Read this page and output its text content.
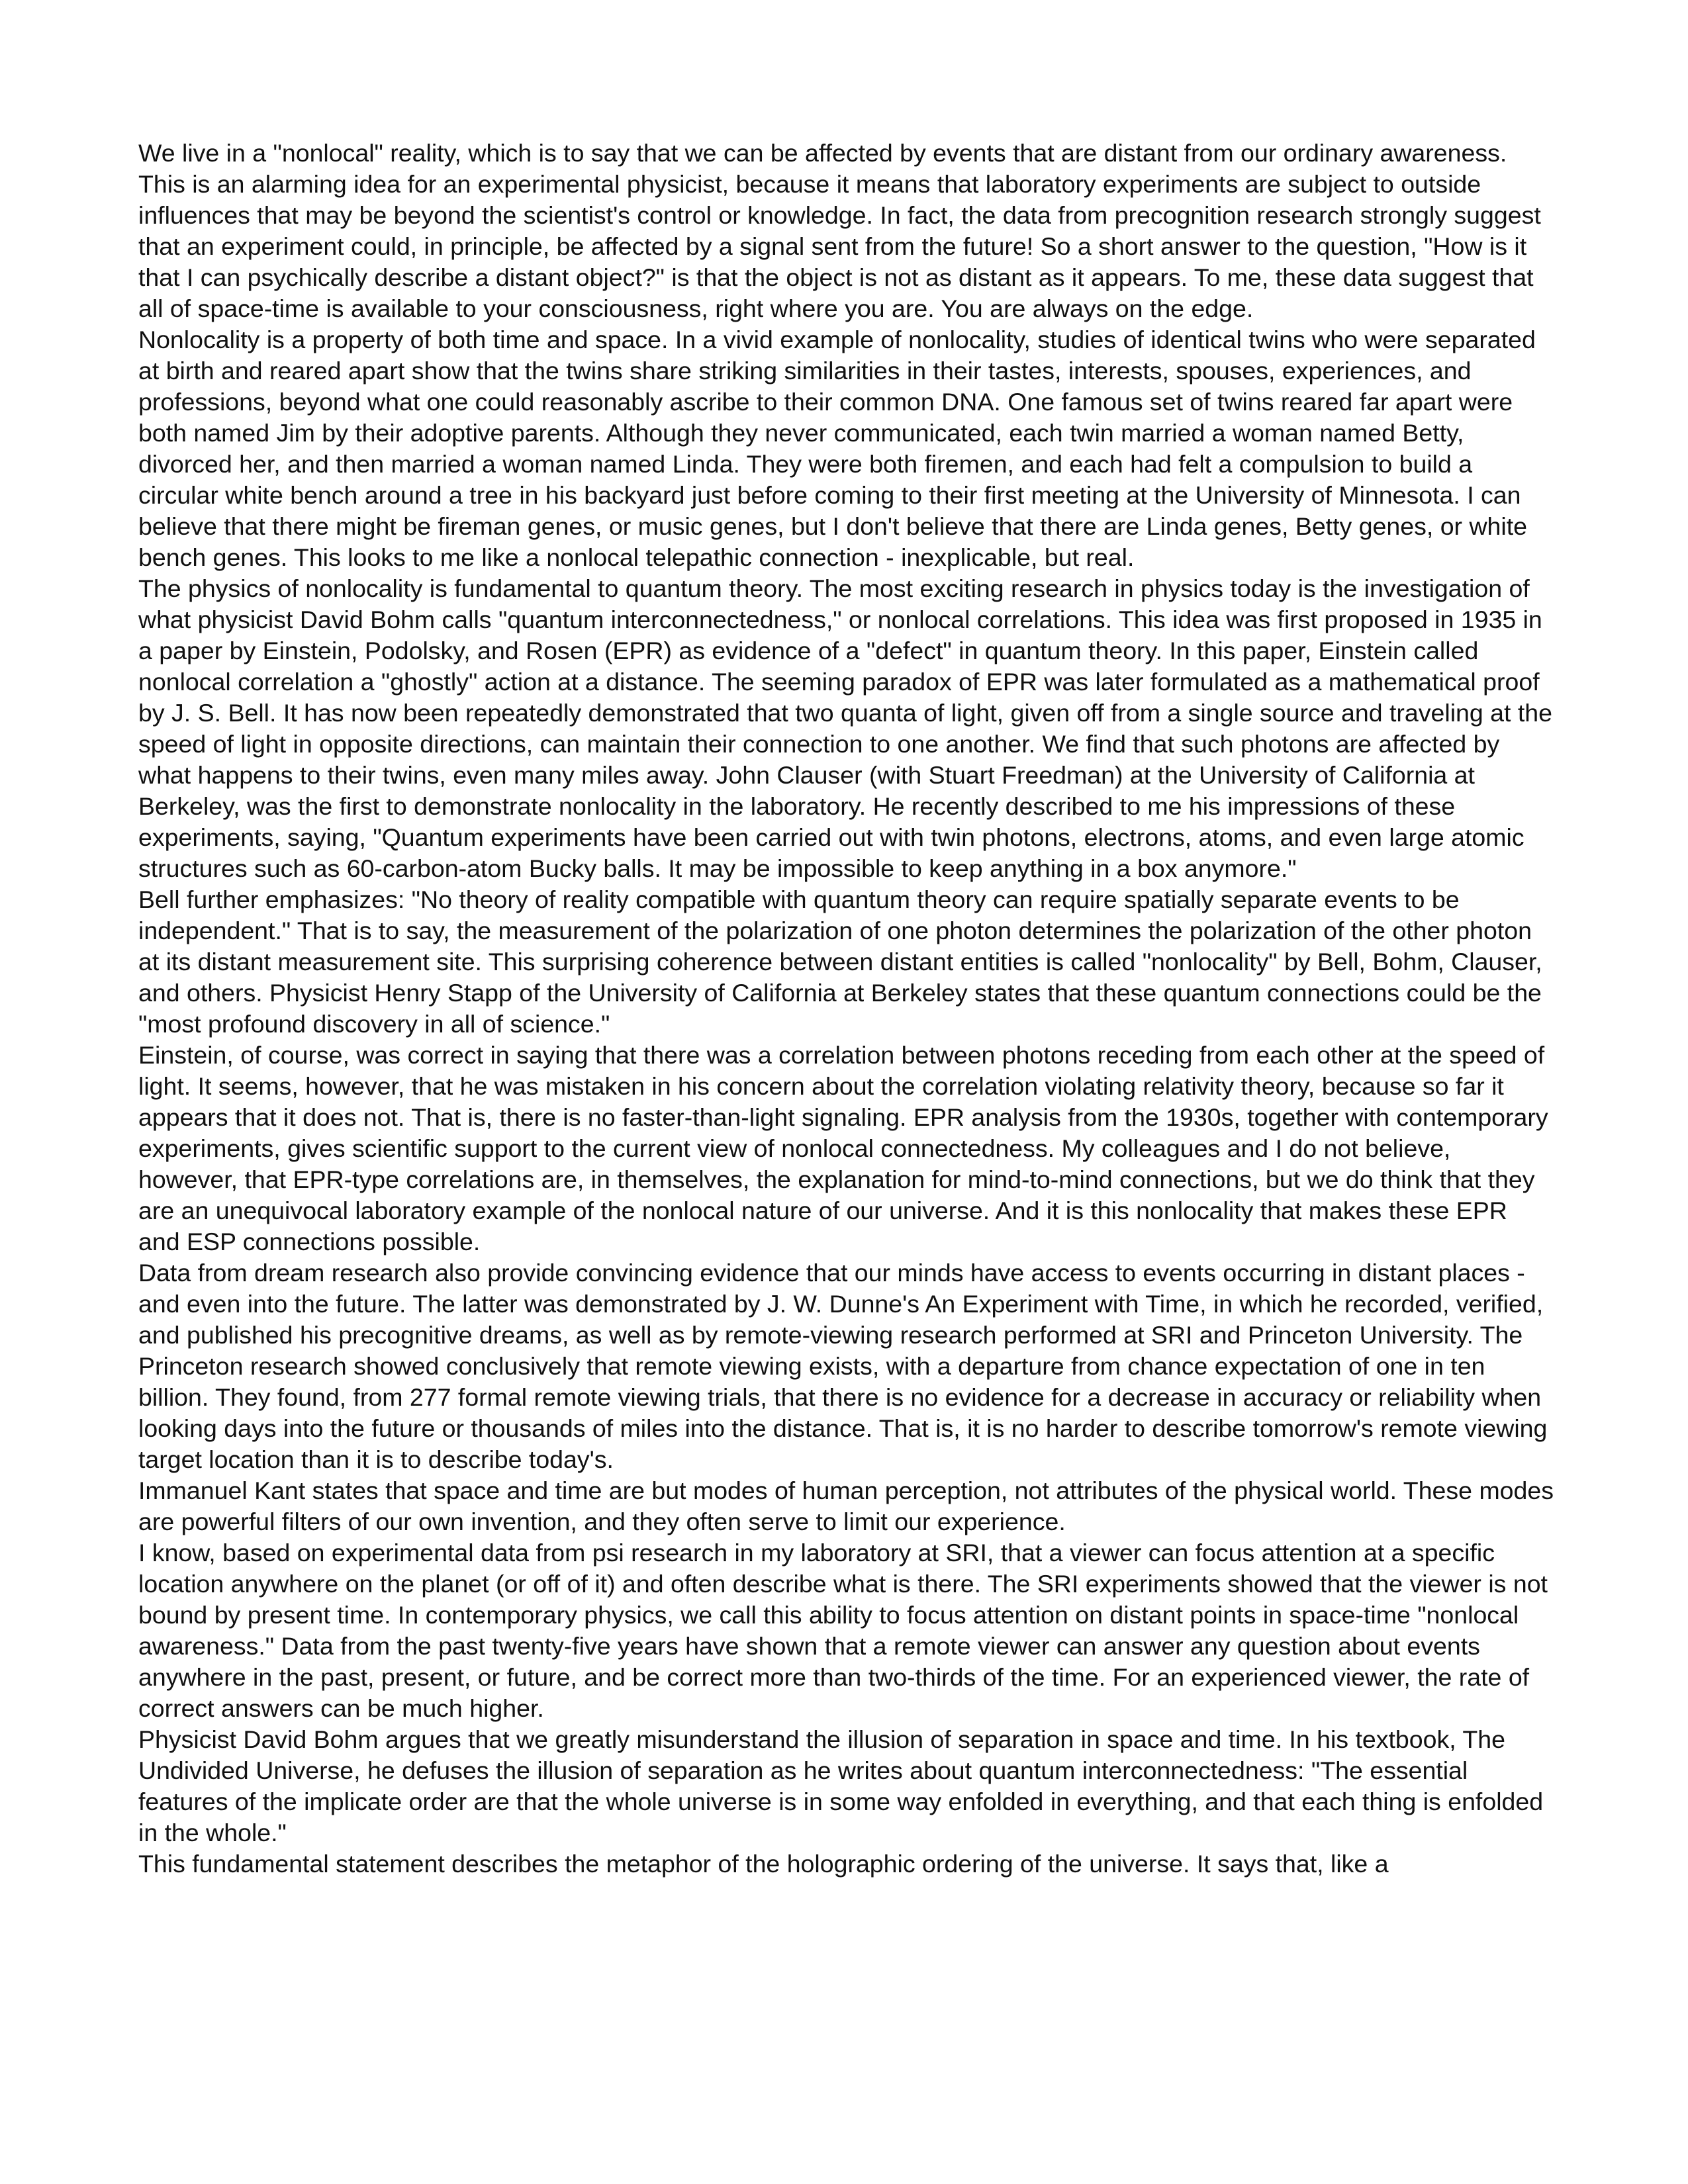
We live in a "nonlocal" reality, which is to say that we can be affected by events that are distant from our ordinary awareness. This is an alarming idea for an experimental physicist, because it means that laboratory experiments are subject to outside influences that may be beyond the scientist's control or knowledge. In fact, the data from precognition research strongly suggest that an experiment could, in principle, be affected by a signal sent from the future! So a short answer to the question, "How is it that I can psychically describe a distant object?" is that the object is not as distant as it appears. To me, these data suggest that all of space-time is available to your consciousness, right where you are. You are always on the edge.

Nonlocality is a property of both time and space. In a vivid example of nonlocality, studies of identical twins who were separated at birth and reared apart show that the twins share striking similarities in their tastes, interests, spouses, experiences, and professions, beyond what one could reasonably ascribe to their common DNA. One famous set of twins reared far apart were both named Jim by their adoptive parents. Although they never communicated, each twin married a woman named Betty, divorced her, and then married a woman named Linda. They were both firemen, and each had felt a compulsion to build a circular white bench around a tree in his backyard just before coming to their first meeting at the University of Minnesota. I can believe that there might be fireman genes, or music genes, but I don't believe that there are Linda genes, Betty genes, or white bench genes. This looks to me like a nonlocal telepathic connection - inexplicable, but real.

The physics of nonlocality is fundamental to quantum theory. The most exciting research in physics today is the investigation of what physicist David Bohm calls "quantum interconnectedness," or nonlocal correlations. This idea was first proposed in 1935 in a paper by Einstein, Podolsky, and Rosen (EPR) as evidence of a "defect" in quantum theory. In this paper, Einstein called nonlocal correlation a "ghostly" action at a distance. The seeming paradox of EPR was later formulated as a mathematical proof by J. S. Bell. It has now been repeatedly demonstrated that two quanta of light, given off from a single source and traveling at the speed of light in opposite directions, can maintain their connection to one another. We find that such photons are affected by what happens to their twins, even many miles away. John Clauser (with Stuart Freedman) at the University of California at Berkeley, was the first to demonstrate nonlocality in the laboratory. He recently described to me his impressions of these experiments, saying, "Quantum experiments have been carried out with twin photons, electrons, atoms, and even large atomic structures such as 60-carbon-atom Bucky balls. It may be impossible to keep anything in a box anymore."

Bell further emphasizes: "No theory of reality compatible with quantum theory can require spatially separate events to be independent." That is to say, the measurement of the polarization of one photon determines the polarization of the other photon at its distant measurement site. This surprising coherence between distant entities is called "nonlocality" by Bell, Bohm, Clauser, and others. Physicist Henry Stapp of the University of California at Berkeley states that these quantum connections could be the "most profound discovery in all of science."

Einstein, of course, was correct in saying that there was a correlation between photons receding from each other at the speed of light. It seems, however, that he was mistaken in his concern about the correlation violating relativity theory, because so far it appears that it does not. That is, there is no faster-than-light signaling. EPR analysis from the 1930s, together with contemporary experiments, gives scientific support to the current view of nonlocal connectedness. My colleagues and I do not believe, however, that EPR-type correlations are, in themselves, the explanation for mind-to-mind connections, but we do think that they are an unequivocal laboratory example of the nonlocal nature of our universe. And it is this nonlocality that makes these EPR and ESP connections possible.

Data from dream research also provide convincing evidence that our minds have access to events occurring in distant places - and even into the future. The latter was demonstrated by J. W. Dunne's An Experiment with Time, in which he recorded, verified, and published his precognitive dreams, as well as by remote-viewing research performed at SRI and Princeton University. The Princeton research showed conclusively that remote viewing exists, with a departure from chance expectation of one in ten billion. They found, from 277 formal remote viewing trials, that there is no evidence for a decrease in accuracy or reliability when looking days into the future or thousands of miles into the distance. That is, it is no harder to describe tomorrow's remote viewing target location than it is to describe today's.

Immanuel Kant states that space and time are but modes of human perception, not attributes of the physical world. These modes are powerful filters of our own invention, and they often serve to limit our experience.

I know, based on experimental data from psi research in my laboratory at SRI, that a viewer can focus attention at a specific location anywhere on the planet (or off of it) and often describe what is there. The SRI experiments showed that the viewer is not bound by present time. In contemporary physics, we call this ability to focus attention on distant points in space-time "nonlocal awareness." Data from the past twenty-five years have shown that a remote viewer can answer any question about events anywhere in the past, present, or future, and be correct more than two-thirds of the time. For an experienced viewer, the rate of correct answers can be much higher.

Physicist David Bohm argues that we greatly misunderstand the illusion of separation in space and time. In his textbook, The Undivided Universe, he defuses the illusion of separation as he writes about quantum interconnectedness: "The essential features of the implicate order are that the whole universe is in some way enfolded in everything, and that each thing is enfolded in the whole."

This fundamental statement describes the metaphor of the holographic ordering of the universe. It says that, like a
